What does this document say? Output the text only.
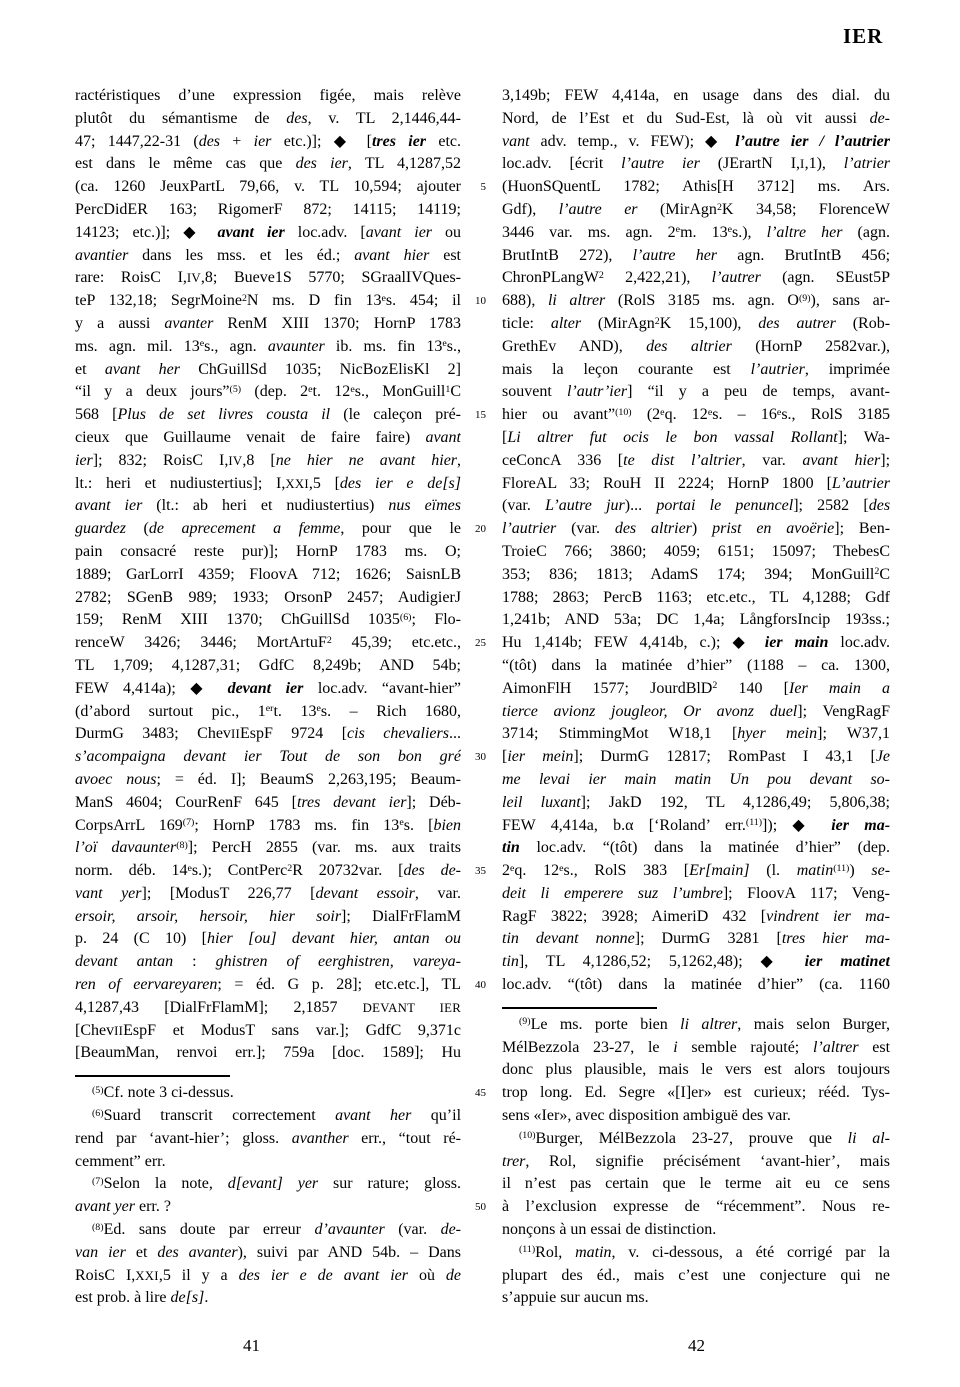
IER
ractéristiques d’une expression figée, mais relève
plutôt du sémantisme de des, v. TL 2,1446,44-
47; 1447,22-31 (des + ier etc.)]; ◆ [tres ier etc.
est dans le même cas que des ier, TL 4,1287,52
(ca. 1260 JeuxPartL 79,66, v. TL 10,594; ajouter
PercDidER 163; RigomerF 872; 14115; 14119;
14123; etc.)]; ◆ avant ier loc.adv. [avant ier ou
avantier dans les mss. et les éd.; avant hier est
rare: RoisC I,IV,8; Bueve1S 5770; SGraalIVQues-
teP 132,18; SegrMoine$^2$N ms. D fin 13es. 454; il
y a aussi avanter RenM XIII 1370; HornP 1783
ms. agn. mil. 13es., agn. avaunter ib. ms. fin 13es.,
et avant her ChGuillSd 1035; NicBozElisKl 2]
“il y a deux jours”$^{(5)}$ (dep. 2et. 12es., MonGuill$^1$C
568 [Plus de set livres cousta il (le caleçon pré-
cieux que Guillaume venait de faire faire) avant
ier]; 832; RoisC I,IV,8 [ne hier ne avant hier,
lt.: heri et nudiustertius]; I,XXI,5 [des ier e de[s]
avant ier (lt.: ab heri et nudiustertius) nus eïmes
guardez (de aprecement a femme, pour que le
pain consacré reste pur)]; HornP 1783 ms. O;
1889; GarLorrI 4359; FloovA 712; 1626; SaisnLB
2782; SGenB 989; 1933; OrsonP 2457; AudigierJ
159; RenM XIII 1370; ChGuillSd 1035$^{(6)}$; Flo-
renceW 3426; 3446; MortArtuF$^2$ 45,39; etc.etc.,
TL 1,709; 4,1287,31; GdfC 8,249b; AND 54b;
FEW 4,414a); ◆ devant ier loc.adv. “avant-hier”
(d’abord surtout pic., 1ert. 13es. – Rich 1680,
DurmG 3483; ChevIIEspF 9724 [cis chevaliers...
s’acompaigna devant ier Tout de son bon gré
avoec nous; = éd. I]; BeaumS 2,263,195; Beaum-
ManS 4604; CourRenF 645 [tres devant ier]; Déb-
CorpsArrL 169$^{(7)}$; HornP 1783 ms. fin 13es. [bien
l’oï davaunter$^{(8)}$]; PercH 2855 (var. ms. aux traits
norm. déb. 14es.); ContPerc$^2$R 20732var. [des de-
vant yer]; [ModusT 226,77 [devant essoir, var.
ersoir, arsoir, hersoir, hier soir]; DialFrFlamM
p. 24 (C 10) [hier [ou] devant hier, antan ou
devant antan : ghistren of eerghistren, vareya-
ren of eervareyaren; = éd. G p. 28]; etc.etc.], TL
4,1287,43 [DialFrFlamM]; 2,1857 DEVANT IER
[ChevIIEspF et ModusT sans var.]; GdfC 9,371c
[BeaumMan, renvoi err.]; 759a [doc. 1589]; Hu
$^{(5)}$Cf. note 3 ci-dessus.
$^{(6)}$Suard transcrit correctement avant her qu’il
rend par ‘avant-hier’; gloss. avanther err., “tout ré-
cemment” err.
$^{(7)}$Selon la note, d[evant] yer sur rature; gloss.
avant yer err. ?
$^{(8)}$Ed. sans doute par erreur d’avaunter (var. de-
van ier et des avanter), suivi par AND 54b. – Dans
RoisC I,XXI,5 il y a des ier e de avant ier où de
est prob. à lire de[s].
3,149b; FEW 4,414a, en usage dans des dial. du
Nord, de l’Est et du Sud-Est, là où vit aussi de-
vant adv. temp., v. FEW); ◆ l’autre ier / l’autrier
loc.adv. [écrit l’autre ier (JErartN I,I,1), l’atrier
(HuonSQuentL 1782; Athis[H 3712] ms. Ars.
Gdf), l’autre er (MirAgn$^2$K 34,58; FlorenceW
3446 var. ms. agn. 2em. 13es.), l’altre her (agn.
BrutIntB 272), l’autre her agn. BrutIntB 456;
ChronPLangW$^2$ 2,422,21), l’autrer (agn. SEust5P
688), li altrer (RolS 3185 ms. agn. $O^{(9)}$), sans ar-
ticle: alter (MirAgn$^2$K 15,100), des autrer (Rob-
GrethEv AND), des altrier (HornP 2582var.),
mais la leçon courante est l’autrier, imprimée
souvent l’autr’ier] “il y a peu de temps, avant-
hier ou avant”$^{(10)}$ (2eq. 12es. – 16es., RolS 3185
[Li altrer fut ocis le bon vassal Rollant]; Wa-
ceConcA 336 [te dist l’altrier, var. avant hier];
FloreAL 33; RouH II 2224; HornP 1800 [L’autrier
(var. L’autre jur)... portai le penuncel]; 2582 [des
l’autrier (var. des altrier) prist en avoërie]; Ben-
TroieC 766; 3860; 4059; 6151; 15097; ThebesC
353; 836; 1813; AdamS 174; 394; MonGuill$^2$C
1788; 2863; PercB 1163; etc.etc., TL 4,1288; Gdf
1,241b; AND 53a; DC 1,4a; LångforsIncip 193ss.;
Hu 1,414b; FEW 4,414b, c.); ◆ ier main loc.adv.
“(tôt) dans la matinée d’hier” (1188 – ca. 1300,
AimonFlH 1577; JourdBlD$^2$ 140 [Ier main a
tierce avionz jougleor, Or avonz duel]; VengRagF
3714; StimmingMot W18,1 [hyer mein]; W37,1
[ier mein]; DurmG 12817; RomPast I 43,1 [Je
me levai ier main matin Un pou devant so-
leil luxant]; JakD 192, TL 4,1286,49; 5,806,38;
FEW 4,414a, b.α [‘Roland’ err.$^{(11)}$]); ◆ ier ma-
tin loc.adv. “(tôt) dans la matinée d’hier” (dep.
2eq. 12es., RolS 383 [Er[main] (l. matin$^{(11)}$) se-
deit li emperere suz l’umbre]; FloovA 117; Veng-
RagF 3822; 3928; AimeriD 432 [vindrent ier ma-
tin devant nonne]; DurmG 3281 [tres hier ma-
tin], TL 4,1286,52; 5,1262,48); ◆ ier matinet
loc.adv. “(tôt) dans la matinée d’hier” (ca. 1160
$^{(9)}$Le ms. porte bien li altrer, mais selon Burger,
MélBezzola 23-27, le i semble rajouté; l’altrer est
donc plus plausible, mais le vers est alors toujours
trop long. Ed. Segre «[I]er» est curieux; rééd. Tys-
sens «Ier», avec disposition ambiguë des var.
$^{(10)}$Burger, MélBezzola 23-27, prouve que li al-
trer, Rol, signifie précisément ‘avant-hier’, mais
il n’est pas certain que le terme ait eu ce sens
à l’exclusion expresse de “récemment”. Nous re-
nonçons à un essai de distinction.
$^{(11)}$Rol, matin, v. ci-dessous, a été corrigé par la
plupart des éd., mais c’est une conjecture qui ne
s’appuie sur aucun ms.
5
10
15
20
25
30
35
40
45
50
41	42
